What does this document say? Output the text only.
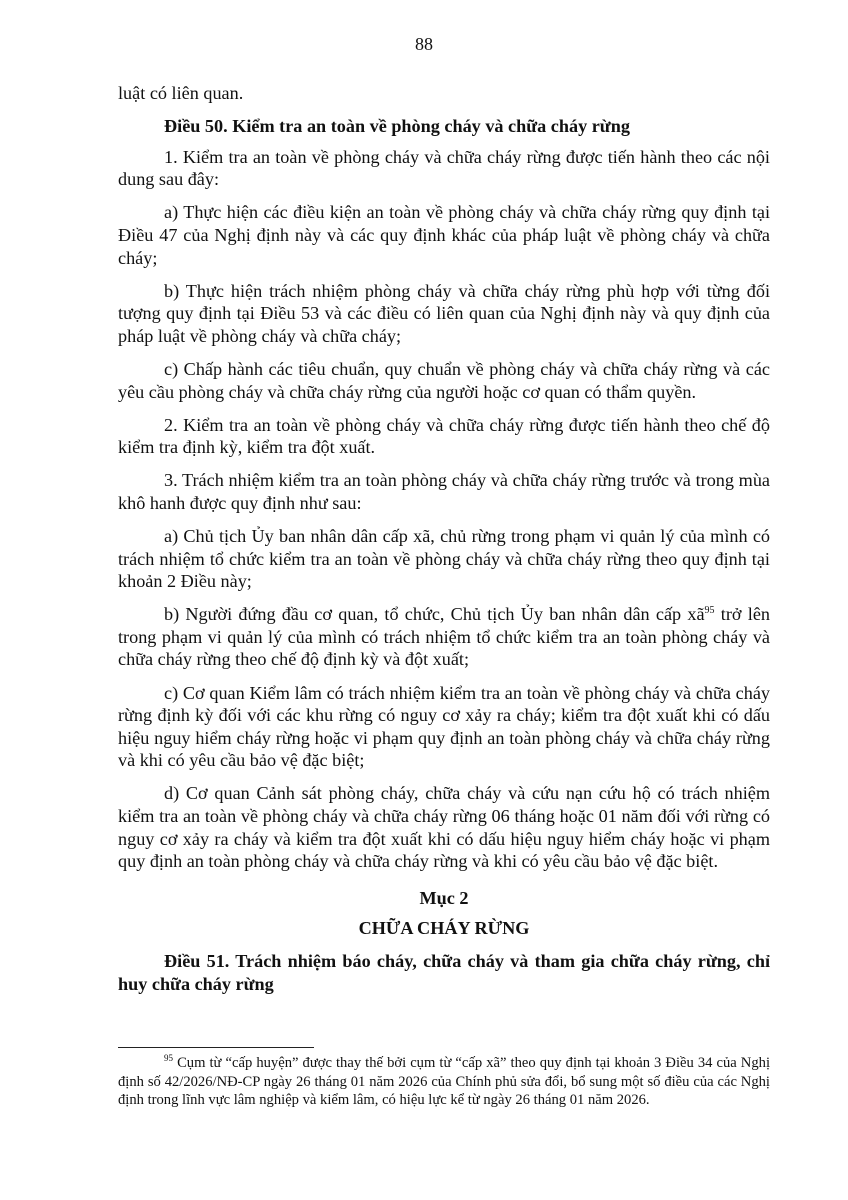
88

luật có liên quan.

Điều 50. Kiểm tra an toàn về phòng cháy và chữa cháy rừng

1. Kiểm tra an toàn về phòng cháy và chữa cháy rừng được tiến hành theo các nội dung sau đây:

a) Thực hiện các điều kiện an toàn về phòng cháy và chữa cháy rừng quy định tại Điều 47 của Nghị định này và các quy định khác của pháp luật về phòng cháy và chữa cháy;

b) Thực hiện trách nhiệm phòng cháy và chữa cháy rừng phù hợp với từng đối tượng quy định tại Điều 53 và các điều có liên quan của Nghị định này và quy định của pháp luật về phòng cháy và chữa cháy;

c) Chấp hành các tiêu chuẩn, quy chuẩn về phòng cháy và chữa cháy rừng và các yêu cầu phòng cháy và chữa cháy rừng của người hoặc cơ quan có thẩm quyền.

2. Kiểm tra an toàn về phòng cháy và chữa cháy rừng được tiến hành theo chế độ kiểm tra định kỳ, kiểm tra đột xuất.

3. Trách nhiệm kiểm tra an toàn phòng cháy và chữa cháy rừng trước và trong mùa khô hanh được quy định như sau:

a) Chủ tịch Ủy ban nhân dân cấp xã, chủ rừng trong phạm vi quản lý của mình có trách nhiệm tổ chức kiểm tra an toàn về phòng cháy và chữa cháy rừng theo quy định tại khoản 2 Điều này;

b) Người đứng đầu cơ quan, tổ chức, Chủ tịch Ủy ban nhân dân cấp $xã^{95}$ trở lên trong phạm vi quản lý của mình có trách nhiệm tổ chức kiểm tra an toàn phòng cháy và chữa cháy rừng theo chế độ định kỳ và đột xuất;

c) Cơ quan Kiểm lâm có trách nhiệm kiểm tra an toàn về phòng cháy và chữa cháy rừng định kỳ đối với các khu rừng có nguy cơ xảy ra cháy; kiểm tra đột xuất khi có dấu hiệu nguy hiểm cháy rừng hoặc vi phạm quy định an toàn phòng cháy và chữa cháy rừng và khi có yêu cầu bảo vệ đặc biệt;

d) Cơ quan Cảnh sát phòng cháy, chữa cháy và cứu nạn cứu hộ có trách nhiệm kiểm tra an toàn về phòng cháy và chữa cháy rừng 06 tháng hoặc 01 năm đối với rừng có nguy cơ xảy ra cháy và kiểm tra đột xuất khi có dấu hiệu nguy hiểm cháy hoặc vi phạm quy định an toàn phòng cháy và chữa cháy rừng và khi có yêu cầu bảo vệ đặc biệt.

Mục 2

CHỮA CHÁY RỪNG

Điều 51. Trách nhiệm báo cháy, chữa cháy và tham gia chữa cháy rừng, chỉ huy chữa cháy rừng

$^{95}$ Cụm từ “cấp huyện” được thay thế bởi cụm từ “cấp xã” theo quy định tại khoản 3 Điều 34 của Nghị định số 42/2026/NĐ-CP ngày 26 tháng 01 năm 2026 của Chính phủ sửa đổi, bổ sung một số điều của các Nghị định trong lĩnh vực lâm nghiệp và kiểm lâm, có hiệu lực kể từ ngày 26 tháng 01 năm 2026.
